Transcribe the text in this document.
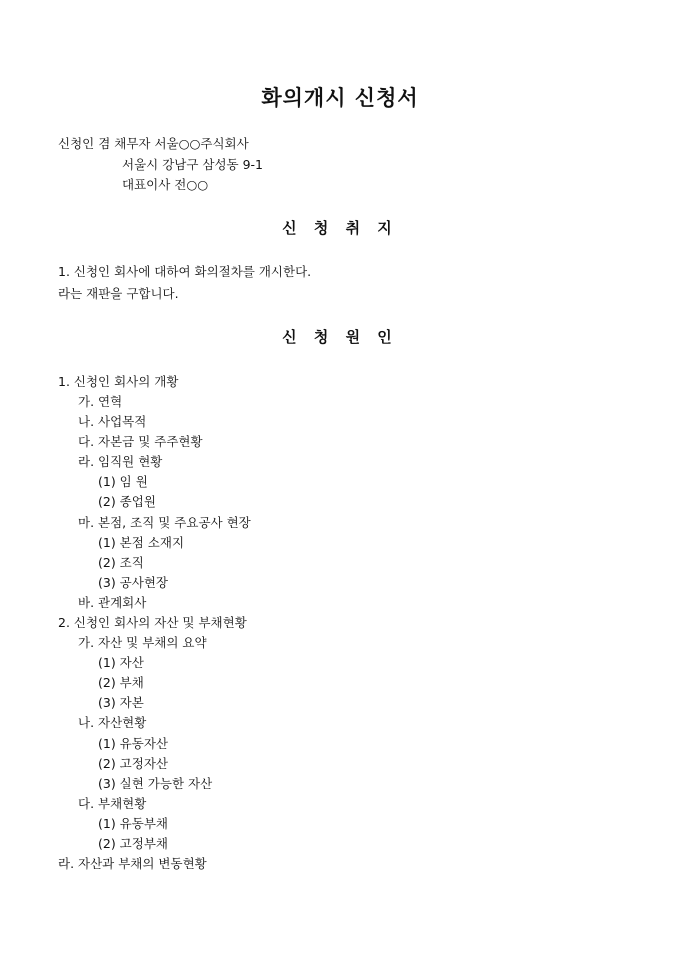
화의개시 신청서
신청인 겸 채무자 서울○○주식회사
서울시 강남구 삼성동 9-1
대표이사 전○○
신 청 취 지
1. 신청인 회사에 대하여 화의절차를 개시한다.
라는 재판을 구합니다.
신 청 원 인
1. 신청인 회사의 개황
가. 연혁
나. 사업목적
다. 자본금 및 주주현황
라. 임직원 현황
(1) 임 원
(2) 종업원
마. 본점, 조직 및 주요공사 현장
(1) 본점 소재지
(2) 조직
(3) 공사현장
바. 관계회사
2. 신청인 회사의 자산 및 부채현황
가. 자산 및 부채의 요약
(1) 자산
(2) 부채
(3) 자본
나. 자산현황
(1) 유동자산
(2) 고정자산
(3) 실현 가능한 자산
다. 부채현황
(1) 유동부채
(2) 고정부채
라. 자산과 부채의 변동현황
